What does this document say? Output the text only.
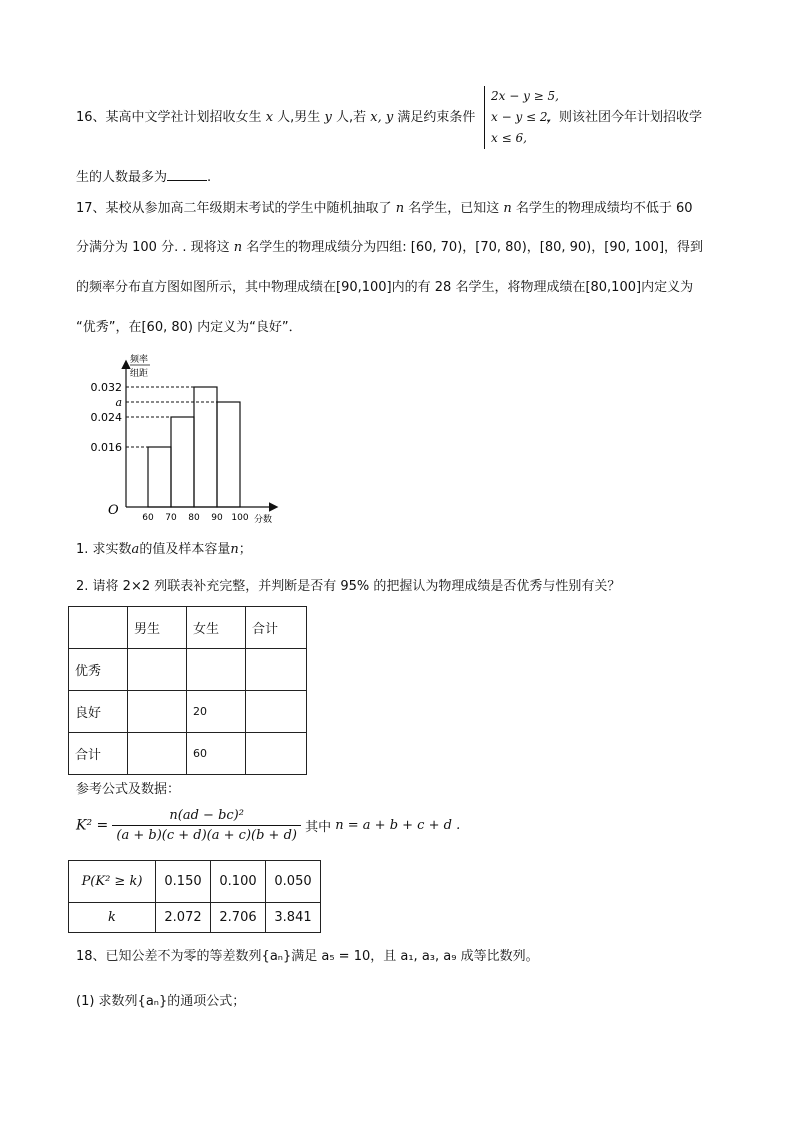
16、某高中文学社计划招收女生 x 人,男生 y 人,若 x, y 满足约束条件
2x − y ≥ 5,
x − y ≤ 2,
x ≤ 6,
，则该社团今年计划招收学
生的人数最多为	.
17、某校从参加高二年级期末考试的学生中随机抽取了 n 名学生，已知这 n 名学生的物理成绩均不低于 60
分满分为 100 分. . 现将这 n 名学生的物理成绩分为四组: [60, 70)，[70, 80)，[80, 90)，[90, 100]，得到
的频率分布直方图如图所示，其中物理成绩在[90,100]内的有 28 名学生，将物理成绩在[80,100]内定义为
“优秀”，在[60, 80) 内定义为“良好”．
频率
组距
分数
O
0.032
a
0.024
0.016
60 70 80 90 100
1. 求实数a的值及样本容量n；
2. 请将 2×2 列联表补充完整，并判断是否有 95% 的把握认为物理成绩是否优秀与性别有关？
	男生	女生	合计
优秀			
良好		20	
合计		60	
参考公式及数据：
$K^2 = \frac{\text{n(ad − bc)²}}{(a + b)(c + d)(a + c)(b + d)}$ 其中 n = a + b + c + d .
P(K² ≥ k)	0.150	0.100	0.050
k	2.072	2.706	3.841
18、已知公差不为零的等差数列{aₙ}满足 a₅ = 10，且 a₁, a₃, a₉ 成等比数列。
(1) 求数列{aₙ}的通项公式；
